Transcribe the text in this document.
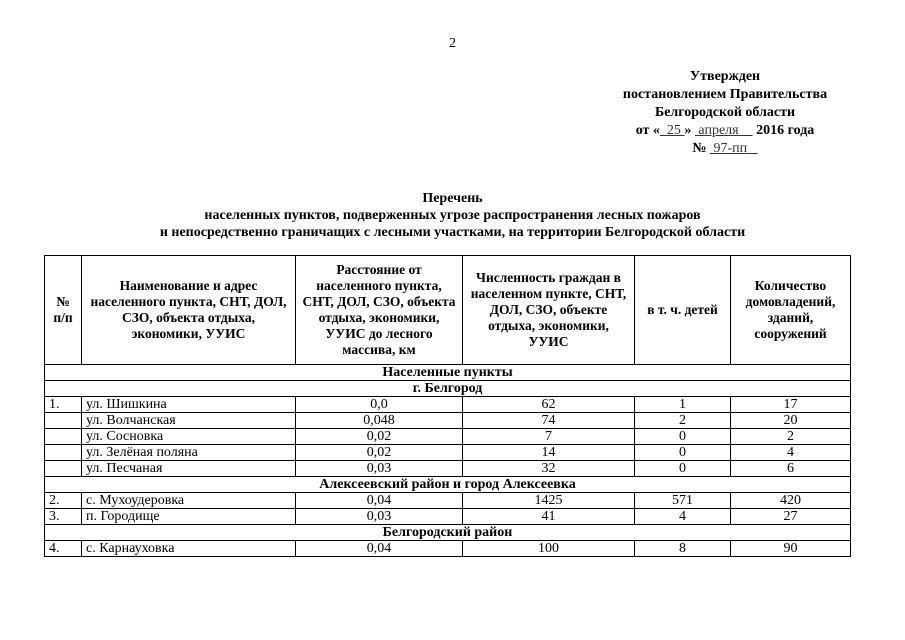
2
Утвержден
постановлением Правительства
Белгородской области
от « 25 » апреля 2016 года
№ 97-пп
Перечень
населенных пунктов, подверженных угрозе распространения лесных пожаров
и непосредственно граничащих с лесными участками, на территории Белгородской области
№ п/п	Наименование и адрес населенного пункта, СНТ, ДОЛ, СЗО, объекта отдыха, экономики, УУИС	Расстояние от населенного пункта, СНТ, ДОЛ, СЗО, объекта отдыха, экономики, УУИС до лесного массива, км	Численность граждан в населенном пункте, СНТ, ДОЛ, СЗО, объекте отдыха, экономики, УУИС	в т. ч. детей	Количество домовладений, зданий, сооружений
Населенные пункты					
г. Белгород					
1.	ул. Шишкина	0,0	62	1	17
	ул. Волчанская	0,048	74	2	20
	ул. Сосновка	0,02	7	0	2
	ул. Зелёная поляна	0,02	14	0	4
	ул. Песчаная	0,03	32	0	6
Алексеевский район и город Алексеевка					
2.	с. Мухоудеровка	0,04	1425	571	420
3.	п. Городище	0,03	41	4	27
Белгородский район					
4.	с. Карнауховка	0,04	100	8	90
